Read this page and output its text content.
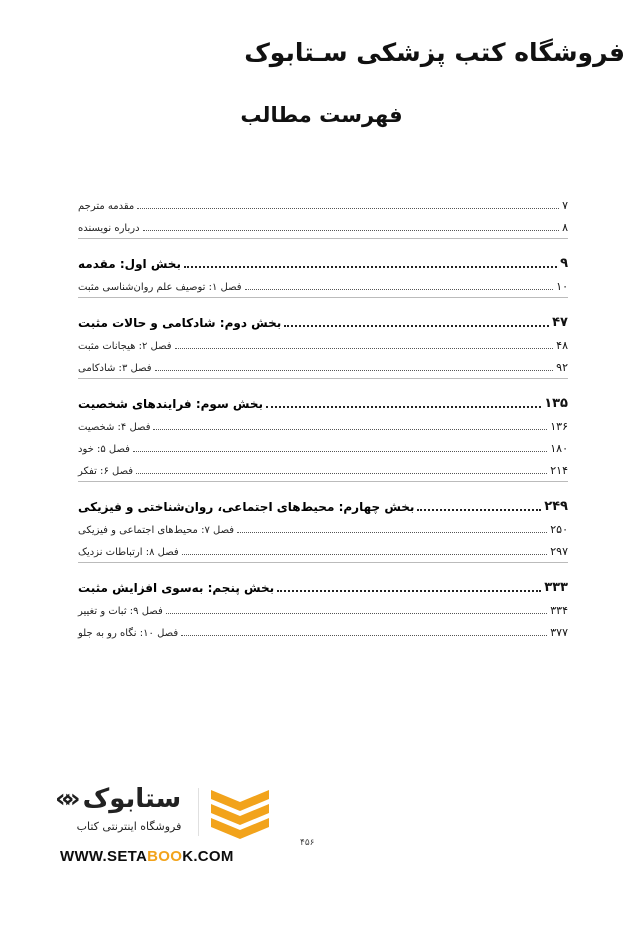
فروشگاه کتب پزشکی سـتابوک
فهرست مطالب
مقدمه مترجم	۷
درباره نویسنده	۸
بخش اول: مقدمه	۹
فصل ۱: توصیف علم روان‌شناسی مثبت	۱۰
بخش دوم: شادکامی و حالات مثبت	۴۷
فصل ۲: هیجانات مثبت	۴۸
فصل ۳: شادکامی	۹۲
بخش سوم: فرایندهای شخصیت	۱۳۵
فصل ۴: شخصیت	۱۳۶
فصل ۵: خود	۱۸۰
فصل ۶: تفکر	۲۱۴
بخش چهارم: محیط‌های اجتماعی، روان‌شناختی و فیزیکی	۲۴۹
فصل ۷: محیط‌های اجتماعی و فیزیکی	۲۵۰
فصل ۸: ارتباطات نزدیک	۲۹۷
بخش پنجم: به‌سوی افزایش مثبت	۳۳۳
فصل ۹: ثبات و تغییر	۳۳۴
فصل ۱۰: نگاه رو به جلو	۳۷۷
۴۵۶
«» ستابوک
فروشگاه اینترنتی کتاب
WWW.SETABOOK.COM
